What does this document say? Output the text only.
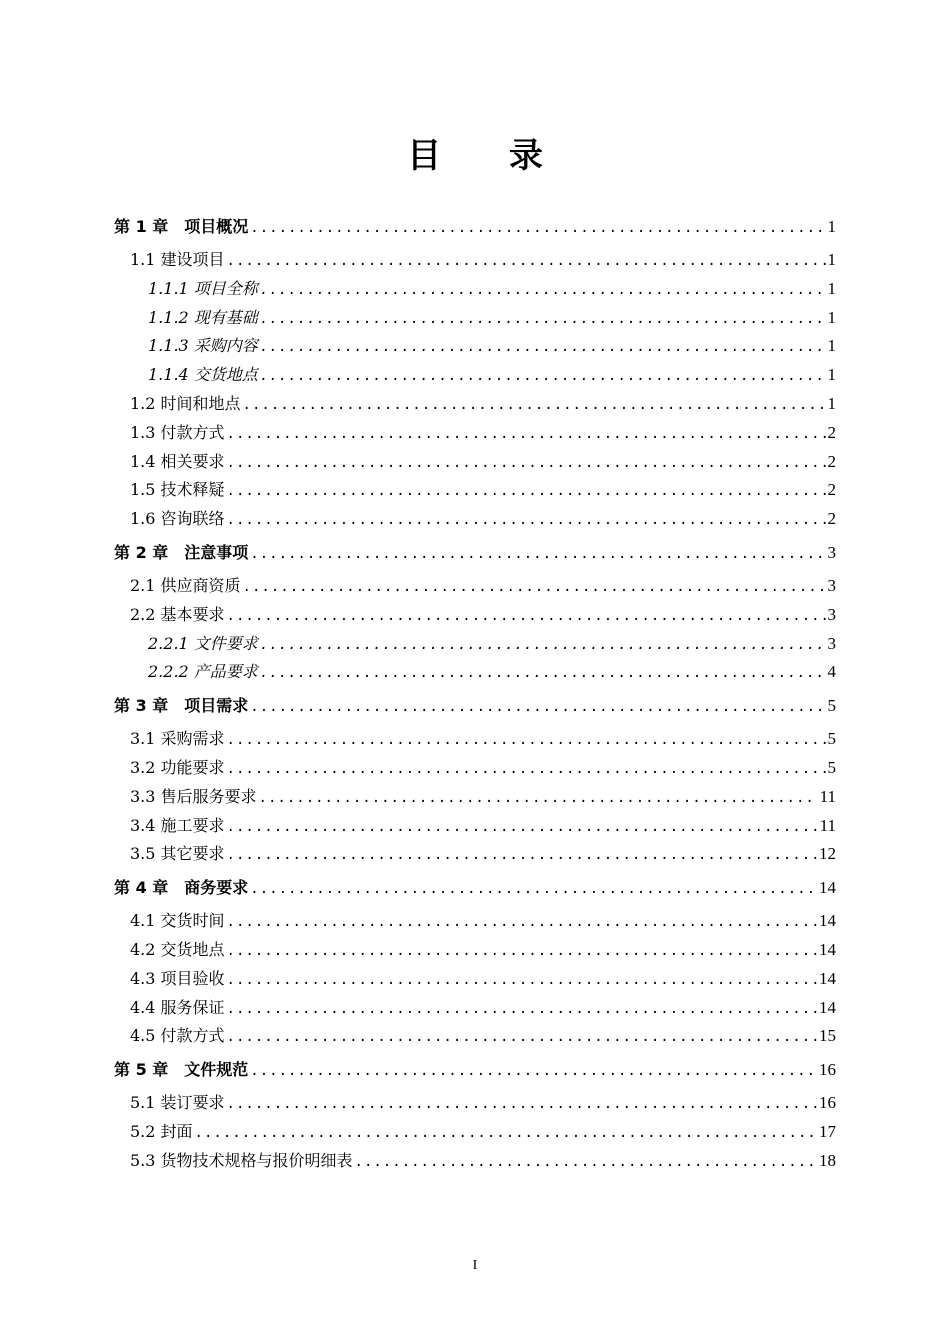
目 录
第 1 章　项目概况 .....	1
1.1 建设项目 .....	1
1.1.1 项目全称 .....	1
1.1.2 现有基础 .....	1
1.1.3 采购内容 .....	1
1.1.4 交货地点 .....	1
1.2 时间和地点 .....	1
1.3 付款方式 .....	2
1.4 相关要求 .....	2
1.5 技术释疑 .....	2
1.6 咨询联络 .....	2
第 2 章　注意事项 .....	3
2.1 供应商资质 .....	3
2.2 基本要求 .....	3
2.2.1 文件要求 .....	3
2.2.2 产品要求 .....	4
第 3 章　项目需求 .....	5
3.1 采购需求 .....	5
3.2 功能要求 .....	5
3.3 售后服务要求 .....	11
3.4 施工要求 .....	11
3.5 其它要求 .....	12
第 4 章　商务要求 .....	14
4.1 交货时间 .....	14
4.2 交货地点 .....	14
4.3 项目验收 .....	14
4.4 服务保证 .....	14
4.5 付款方式 .....	15
第 5 章　文件规范 .....	16
5.1 装订要求 .....	16
5.2 封面 .....	17
5.3 货物技术规格与报价明细表 .....	18
I
